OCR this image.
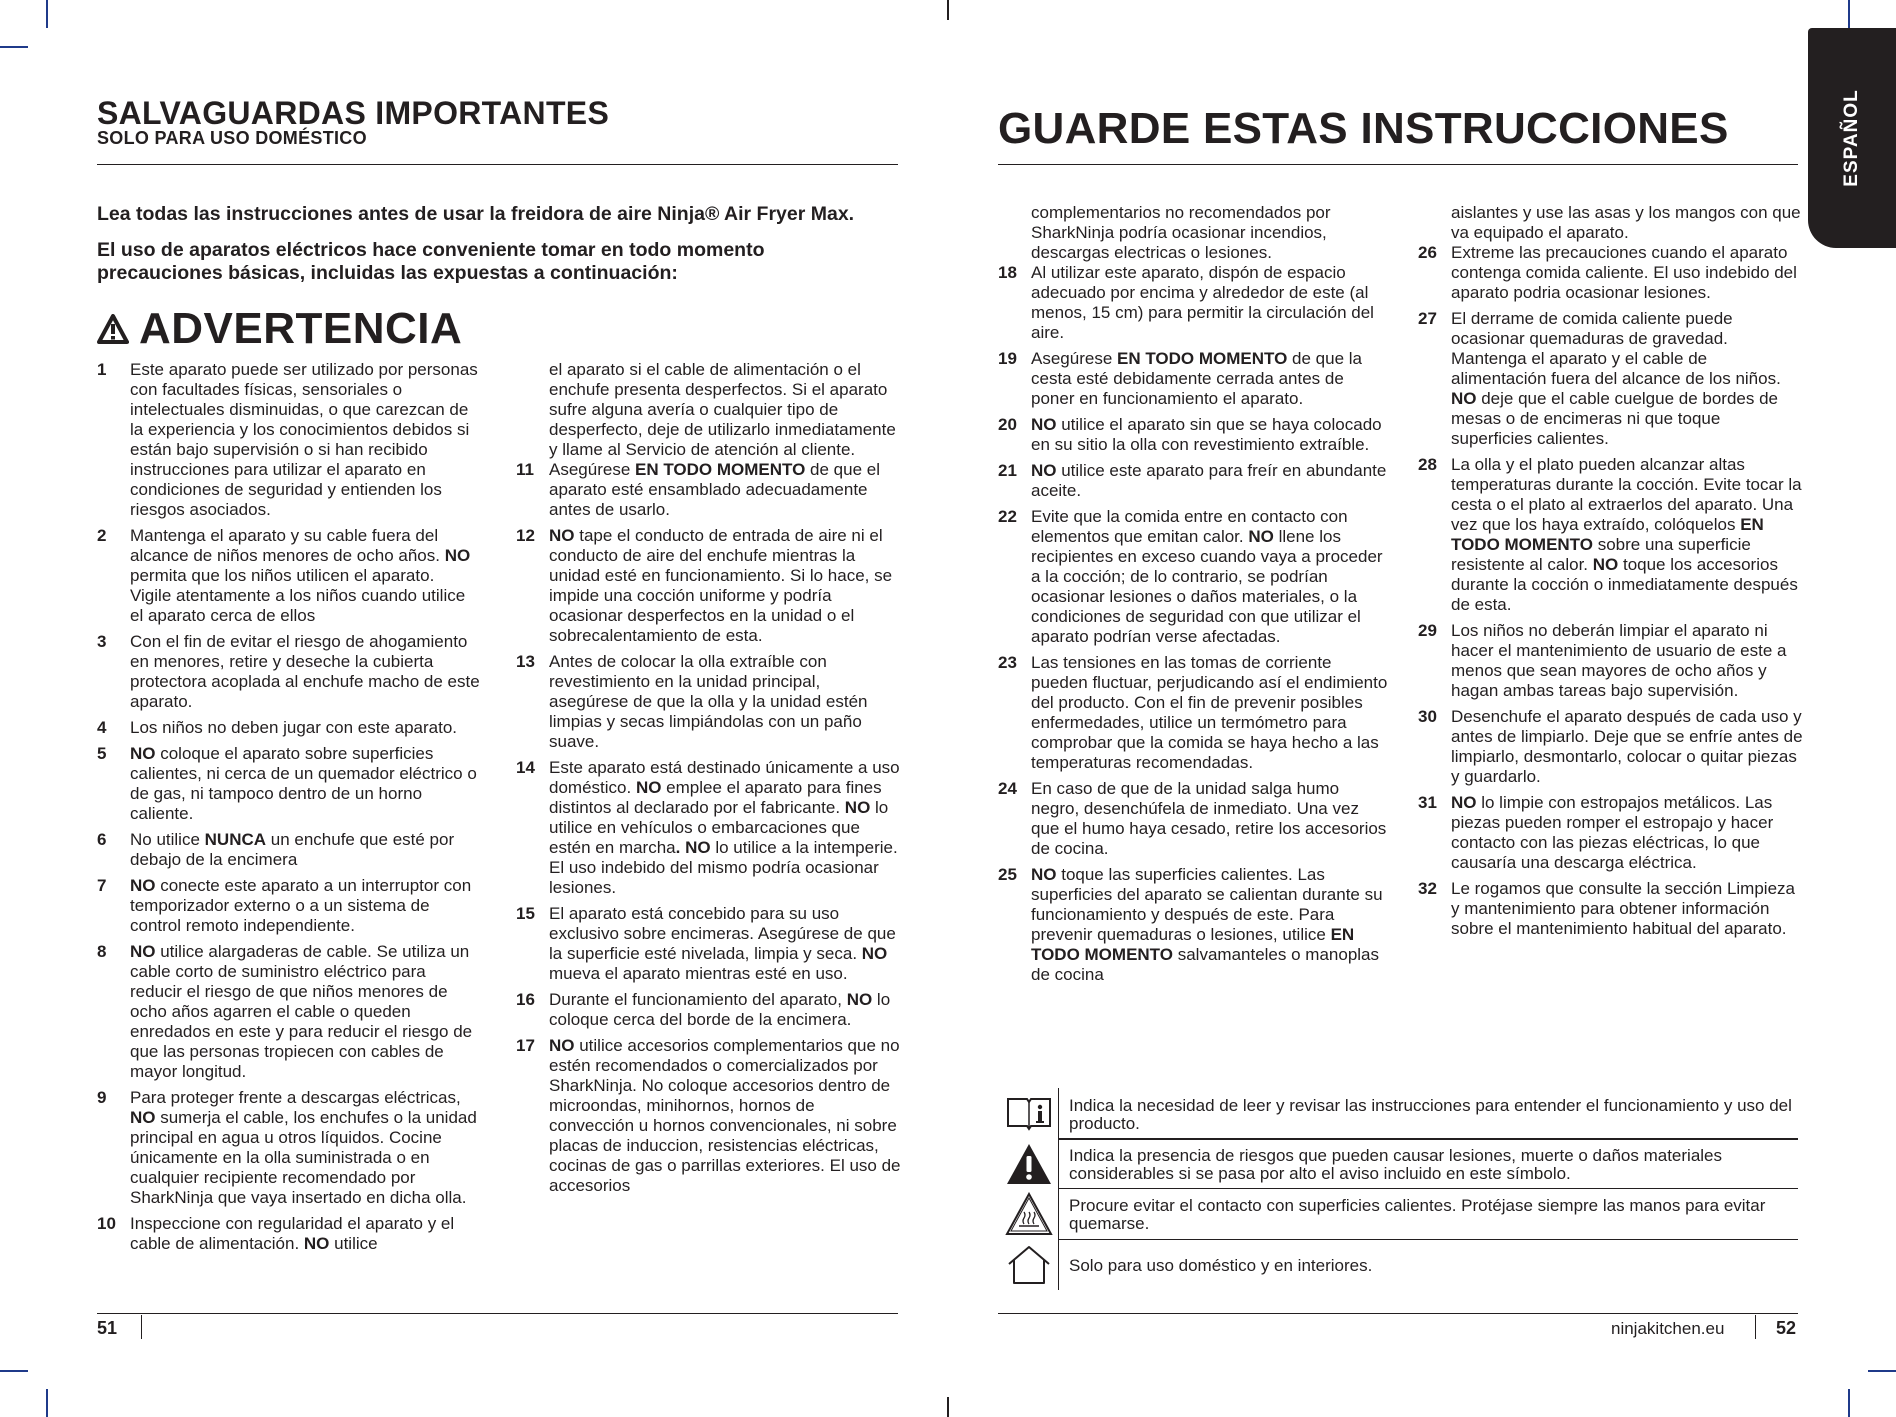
ESPAÑOL
SALVAGUARDAS IMPORTANTES
SOLO PARA USO DOMÉSTICO	GUARDE ESTAS INSTRUCCIONES
Lea todas las instrucciones antes de usar la freidora de aire Ninja® Air Fryer Max.
El uso de aparatos eléctricos hace conveniente tomar en todo momento precauciones básicas, incluidas las expuestas a continuación:
ADVERTENCIA
1	Este aparato puede ser utilizado por personas con facultades físicas, sensoriales o intelectuales disminuidas, o que carezcan de la experiencia y los conocimientos debidos si están bajo supervisión o si han recibido instrucciones para utilizar el aparato en condiciones de seguridad y entienden los riesgos asociados.
2	Mantenga el aparato y su cable fuera del alcance de niños menores de ocho años. NO permita que los niños utilicen el aparato. Vigile atentamente a los niños cuando utilice el aparato cerca de ellos
3	Con el fin de evitar el riesgo de ahogamiento en menores, retire y deseche la cubierta protectora acoplada al enchufe macho de este aparato.
4	Los niños no deben jugar con este aparato.
5	NO coloque el aparato sobre superficies calientes, ni cerca de un quemador eléctrico o de gas, ni tampoco dentro de un horno caliente.
6	No utilice NUNCA un enchufe que esté por debajo de la encimera
7	NO conecte este aparato a un interruptor con temporizador externo o a un sistema de control remoto independiente.
8	NO utilice alargaderas de cable. Se utiliza un cable corto de suministro eléctrico para reducir el riesgo de que niños menores de ocho años agarren el cable o queden enredados en este y para reducir el riesgo de que las personas tropiecen con cables de mayor longitud.
9	Para proteger frente a descargas eléctricas, NO sumerja el cable, los enchufes o la unidad principal en agua u otros líquidos. Cocine únicamente en la olla suministrada o en cualquier recipiente recomendado por SharkNinja que vaya insertado en dicha olla.
10 Inspeccione con regularidad el aparato y el cable de alimentación. NO utilice

el aparato si el cable de alimentación o el enchufe presenta desperfectos. Si el aparato sufre alguna avería o cualquier tipo de desperfecto, deje de utilizarlo inmediatamente y llame al Servicio de atención al cliente.

11 Asegúrese EN TODO MOMENTO de que el aparato esté ensamblado adecuadamente antes de usarlo.
12 NO tape el conducto de entrada de aire ni el conducto de aire del enchufe mientras la unidad esté en funcionamiento. Si lo hace, se impide una cocción uniforme y podría ocasionar desperfectos en la unidad o el sobrecalentamiento de esta.
13 Antes de colocar la olla extraíble con revestimiento en la unidad principal, asegúrese de que la olla y la unidad estén limpias y secas limpiándolas con un paño suave.
14 Este aparato está destinado únicamente a uso doméstico. NO emplee el aparato para fines distintos al declarado por el fabricante. NO lo utilice en vehículos o embarcaciones que estén en marcha. NO lo utilice a la intemperie. El uso indebido del mismo podría ocasionar lesiones.
15 El aparato está concebido para su uso exclusivo sobre encimeras. Asegúrese de que la superficie esté nivelada, limpia y seca. NO mueva el aparato mientras esté en uso.
16 Durante el funcionamiento del aparato, NO lo coloque cerca del borde de la encimera.
17 NO utilice accesorios complementarios que no estén recomendados o comercializados por SharkNinja. No coloque accesorios dentro de microondas, minihornos, hornos de convección u hornos convencionales, ni sobre placas de induccion, resistencias eléctricas, cocinas de gas o parrillas exteriores. El uso de accesorios

complementarios no recomendados por SharkNinja podría ocasionar incendios, descargas electricas o lesiones.

18 Al utilizar este aparato, dispón de espacio adecuado por encima y alrededor de este (al menos, 15 cm) para permitir la circulación del aire.
19 Asegúrese EN TODO MOMENTO de que la cesta esté debidamente cerrada antes de poner en funcionamiento el aparato.
20 NO utilice el aparato sin que se haya colocado en su sitio la olla con revestimiento extraíble.
21 NO utilice este aparato para freír en abundante aceite.
22 Evite que la comida entre en contacto con elementos que emitan calor. NO llene los recipientes en exceso cuando vaya a proceder a la cocción; de lo contrario, se podrían ocasionar lesiones o daños materiales, o la condiciones de seguridad con que utilizar el aparato podrían verse afectadas.
23 Las tensiones en las tomas de corriente pueden fluctuar, perjudicando así el endimiento del producto. Con el fin de prevenir posibles enfermedades, utilice un termómetro para comprobar que la comida se haya hecho a las temperaturas recomendadas.
24 En caso de que de la unidad salga humo negro, desenchúfela de inmediato. Una vez que el humo haya cesado, retire los accesorios de cocina.
25 NO toque las superficies calientes. Las superficies del aparato se calientan durante su funcionamiento y después de este. Para prevenir quemaduras o lesiones, utilice EN TODO MOMENTO salvamanteles o manoplas de cocina

aislantes y use las asas y los mangos con que va equipado el aparato.

26 Extreme las precauciones cuando el aparato contenga comida caliente. El uso indebido del aparato podria ocasionar lesiones.
27 El derrame de comida caliente puede ocasionar quemaduras de gravedad. Mantenga el aparato y el cable de alimentación fuera del alcance de los niños. NO deje que el cable cuelgue de bordes de mesas o de encimeras ni que toque superficies calientes.
28 La olla y el plato pueden alcanzar altas temperaturas durante la cocción. Evite tocar la cesta o el plato al extraerlos del aparato. Una vez que los haya extraído, colóquelos EN TODO MOMENTO sobre una superficie resistente al calor. NO toque los accesorios durante la cocción o inmediatamente después de esta.
29 Los niños no deberán limpiar el aparato ni hacer el mantenimiento de usuario de este a menos que sean mayores de ocho años y hagan ambas tareas bajo supervisión.
30 Desenchufe el aparato después de cada uso y antes de limpiarlo. Deje que se enfríe antes de limpiarlo, desmontarlo, colocar o quitar piezas y guardarlo.
31 NO lo limpie con estropajos metálicos. Las piezas pueden romper el estropajo y hacer contacto con las piezas eléctricas, lo que causaría una descarga eléctrica.
32 Le rogamos que consulte la sección Limpieza y mantenimiento para obtener información sobre el mantenimiento habitual del aparato.
Indica la necesidad de leer y revisar las instrucciones para entender el funcionamiento y uso del producto.
Indica la presencia de riesgos que pueden causar lesiones, muerte o daños materiales considerables si se pasa por alto el aviso incluido en este símbolo.
Procure evitar el contacto con superficies calientes. Protéjase siempre las manos para evitar quemarse.
Solo para uso doméstico y en interiores.
51	ninjakitchen.eu	52
